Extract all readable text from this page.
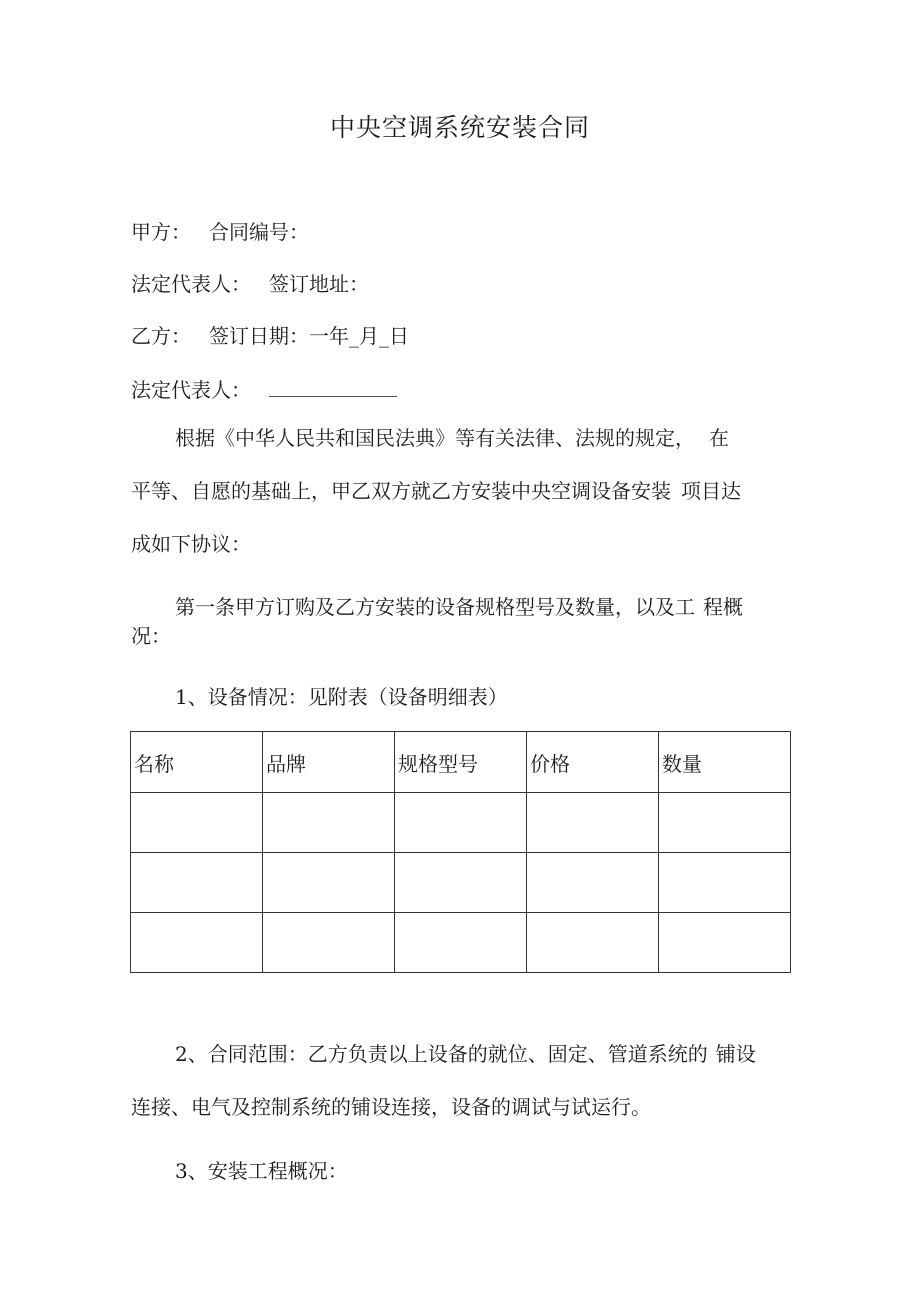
中央空调系统安装合同
甲方： 合同编号：
法定代表人： 签订地址：
乙方： 签订日期：一年_月_日
法定代表人：
根据《中华人民共和国民法典》等有关法律、法规的规定， 在
平等、自愿的基础上，甲乙双方就乙方安装中央空调设备安装 项目达
成如下协议：
第一条甲方订购及乙方安装的设备规格型号及数量，以及工 程概
况：
1、设备情况：见附表（设备明细表）
名称	品牌	规格型号	价格	数量

2、合同范围：乙方负责以上设备的就位、固定、管道系统的 铺设
连接、电气及控制系统的铺设连接，设备的调试与试运行。
3、安装工程概况：
